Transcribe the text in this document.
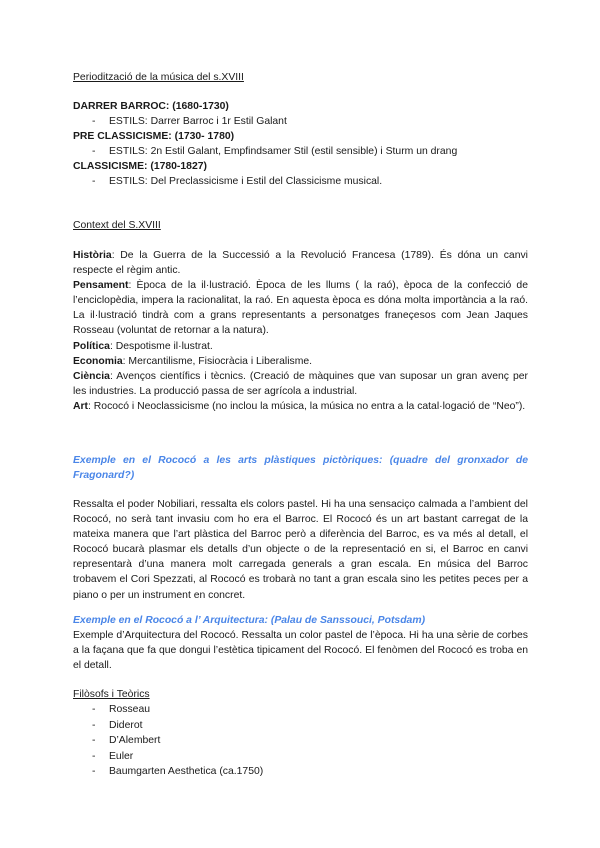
Periodització de la música del s.XVIII
DARRER BARROC: (1680-1730)
- ESTILS: Darrer Barroc i 1r Estil Galant
PRE CLASSICISME: (1730- 1780)
- ESTILS: 2n Estil Galant, Empfindsamer Stil (estil sensible) i Sturm un drang
CLASSICISME: (1780-1827)
- ESTILS: Del Preclassicisme i Estil del Classicisme musical.
Context del S.XVIII
Història: De la Guerra de la Successió a la Revolució Francesa (1789). És dóna un canvi respecte el règim antic.
Pensament: Època de la il·lustració. Època de les llums ( la raó), època de la confecció de l’enciclopèdia, impera la racionalitat, la raó. En aquesta època es dóna molta importància a la raó. La il·lustració tindrà com a grans representants a personatges franeçesos com Jean Jaques Rosseau (voluntat de retornar a la natura).
Política: Despotisme il·lustrat.
Economia: Mercantilisme, Fisiocràcia i Liberalisme.
Ciència: Avenços científics i tècnics. (Creació de màquines que van suposar un gran avenç per les industries. La producció passa de ser agrícola a industrial.
Art: Rococó i Neoclassicisme (no inclou la música, la música no entra a la catal·logació de “Neo”).
Exemple en el Rococó a les arts plàstiques pictòriques: (quadre del gronxador de Fragonard?)
Ressalta el poder Nobiliari, ressalta els colors pastel. Hi ha una sensaciço calmada a l’ambient del Rococó, no serà tant invasiu com ho era el Barroc. El Rococó és un art bastant carregat de la mateixa manera que l’art plàstica del Barroc però a diferència del Barroc, es va més al detall, el Rococó bucarà plasmar els detalls d’un objecte o de la representació en si, el Barroc en canvi representarà d’una manera molt carregada generals a gran escala. En música del Barroc trobavem el Cori Spezzati, al Rococó es trobarà no tant a gran escala sino les petites peces per a piano o per un instrument en concret.
Exemple en el Rococó a l’ Arquitectura: (Palau de Sanssouci, Potsdam)
Exemple d’Arquitectura del Rococó. Ressalta un color pastel de l’època. Hi ha una sèrie de corbes a la façana que fa que dongui l’estètica tipicament del Rococó. El fenòmen del Rococó es troba en el detall.
Filòsofs i Teòrics
- Rosseau
- Diderot
- D’Alembert
- Euler
- Baumgarten Aesthetica (ca.1750)
